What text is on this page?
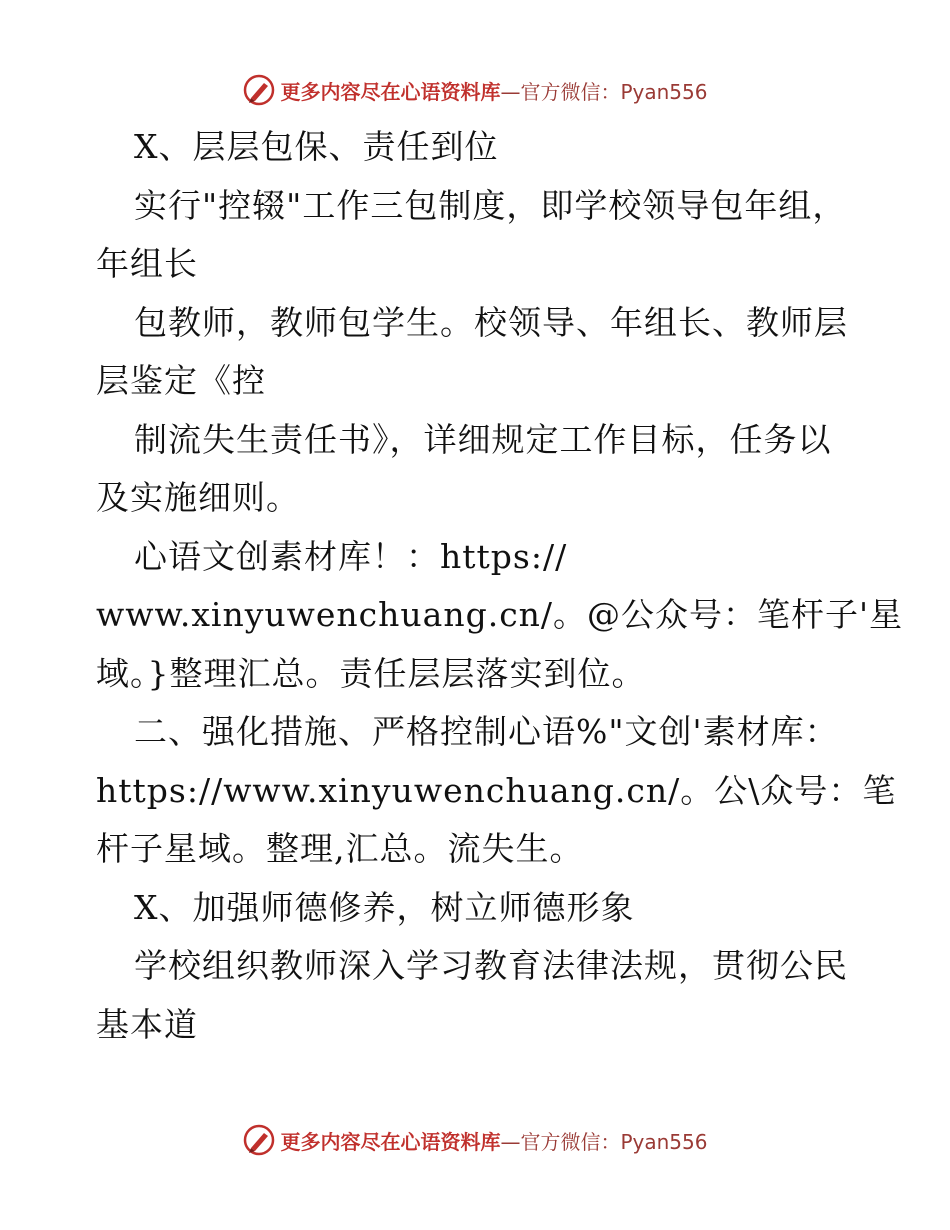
更多内容尽在心语资料库 —官方微信：Pyan556
X、层层包保、责任到位
实行"控辍"工作三包制度，即学校领导包年组，
年组长
包教师，教师包学生。校领导、年组长、教师层
层鉴定《控
制流失生责任书》，详细规定工作目标，任务以
及实施细则。
心语文创素材库！：https://
www.xinyuwenchuang.cn/。@公众号：笔杆子'星
域。}整理汇总。责任层层落实到位。
二、强化措施、严格控制心语%"文创'素材库：
https://www.xinyuwenchuang.cn/。公\众号：笔
杆子星域。整理,汇总。流失生。
X、加强师德修养，树立师德形象
学校组织教师深入学习教育法律法规，贯彻公民
基本道
更多内容尽在心语资料库 —官方微信：Pyan556
